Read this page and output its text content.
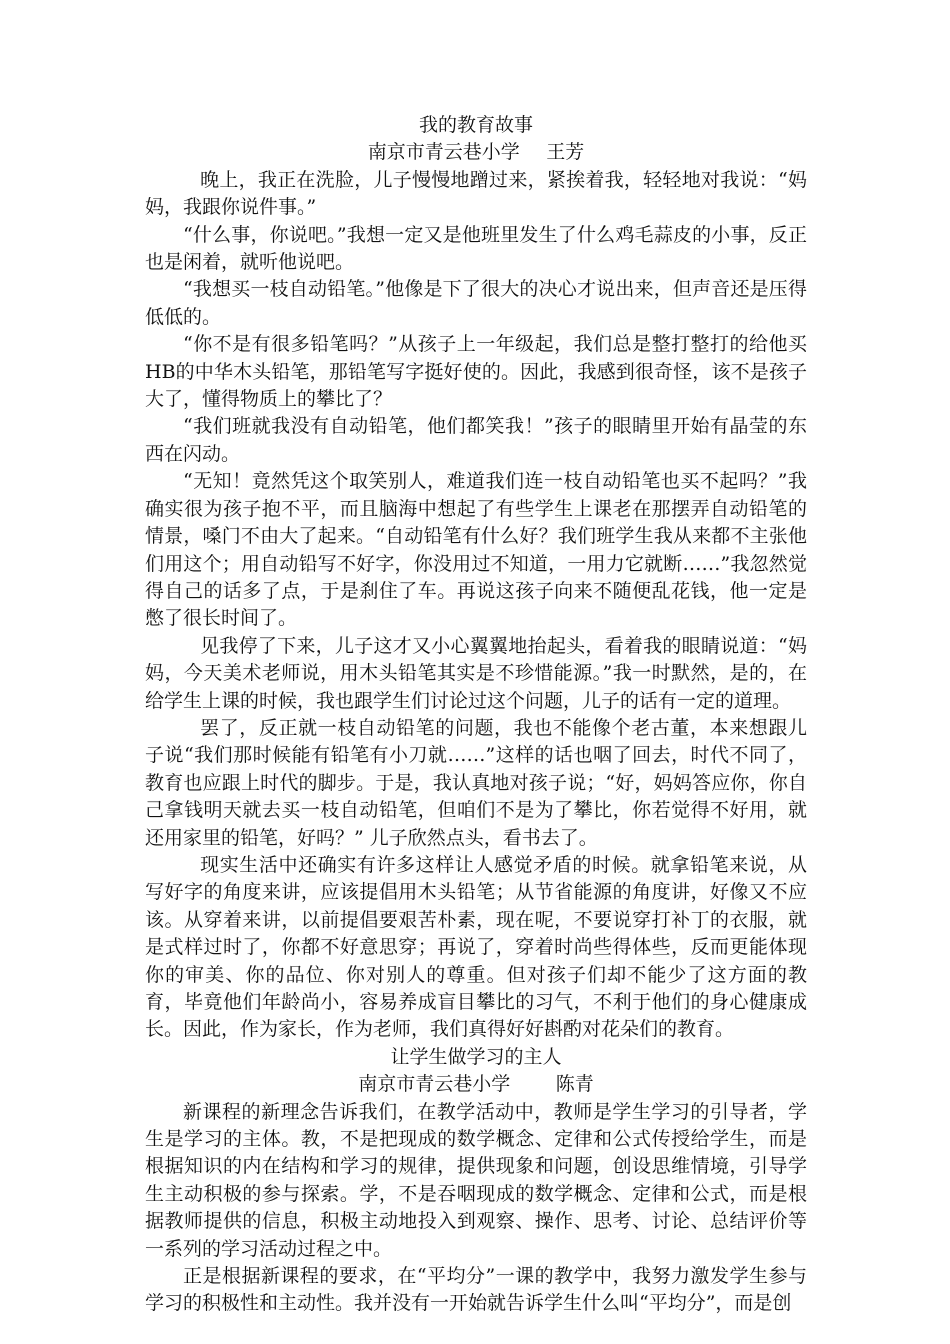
我的教育故事

南京市青云巷小学 王芳

晚上，我正在洗脸，儿子慢慢地蹭过来，紧挨着我，轻轻地对我说：“妈妈，我跟你说件事。”

“什么事，你说吧。”我想一定又是他班里发生了什么鸡毛蒜皮的小事，反正也是闲着，就听他说吧。

“我想买一枝自动铅笔。”他像是下了很大的决心才说出来，但声音还是压得低低的。

“你不是有很多铅笔吗？”从孩子上一年级起，我们总是整打整打的给他买HB的中华木头铅笔，那铅笔写字挺好使的。因此，我感到很奇怪，该不是孩子大了，懂得物质上的攀比了？

“我们班就我没有自动铅笔，他们都笑我！”孩子的眼睛里开始有晶莹的东西在闪动。

“无知！竟然凭这个取笑别人，难道我们连一枝自动铅笔也买不起吗？”我确实很为孩子抱不平，而且脑海中想起了有些学生上课老在那摆弄自动铅笔的情景，嗓门不由大了起来。“自动铅笔有什么好？我们班学生我从来都不主张他们用这个；用自动铅写不好字，你没用过不知道，一用力它就断……”我忽然觉得自己的话多了点，于是刹住了车。再说这孩子向来不随便乱花钱，他一定是憋了很长时间了。

见我停了下来，儿子这才又小心翼翼地抬起头，看着我的眼睛说道：“妈妈，今天美术老师说，用木头铅笔其实是不珍惜能源。”我一时默然，是的，在给学生上课的时候，我也跟学生们讨论过这个问题，儿子的话有一定的道理。

罢了，反正就一枝自动铅笔的问题，我也不能像个老古董，本来想跟儿子说“我们那时候能有铅笔有小刀就……”这样的话也咽了回去，时代不同了，教育也应跟上时代的脚步。于是，我认真地对孩子说；“好，妈妈答应你，你自己拿钱明天就去买一枝自动铅笔，但咱们不是为了攀比，你若觉得不好用，就还用家里的铅笔，好吗？” 儿子欣然点头，看书去了。

现实生活中还确实有许多这样让人感觉矛盾的时候。就拿铅笔来说，从写好字的角度来讲，应该提倡用木头铅笔；从节省能源的角度讲，好像又不应该。从穿着来讲，以前提倡要艰苦朴素，现在呢，不要说穿打补丁的衣服，就是式样过时了，你都不好意思穿；再说了，穿着时尚些得体些，反而更能体现你的审美、你的品位、你对别人的尊重。但对孩子们却不能少了这方面的教育，毕竟他们年龄尚小，容易养成盲目攀比的习气，不利于他们的身心健康成长。因此，作为家长，作为老师，我们真得好好斟酌对花朵们的教育。

让学生做学习的主人

南京市青云巷小学 陈青

新课程的新理念告诉我们，在教学活动中，教师是学生学习的引导者，学生是学习的主体。教，不是把现成的数学概念、定律和公式传授给学生，而是根据知识的内在结构和学习的规律，提供现象和问题，创设思维情境，引导学生主动积极的参与探索。学，不是吞咽现成的数学概念、定律和公式，而是根据教师提供的信息，积极主动地投入到观察、操作、思考、讨论、总结评价等一系列的学习活动过程之中。

正是根据新课程的要求，在“平均分”一课的教学中，我努力激发学生参与学习的积极性和主动性。我并没有一开始就告诉学生什么叫“平均分”，而是创
